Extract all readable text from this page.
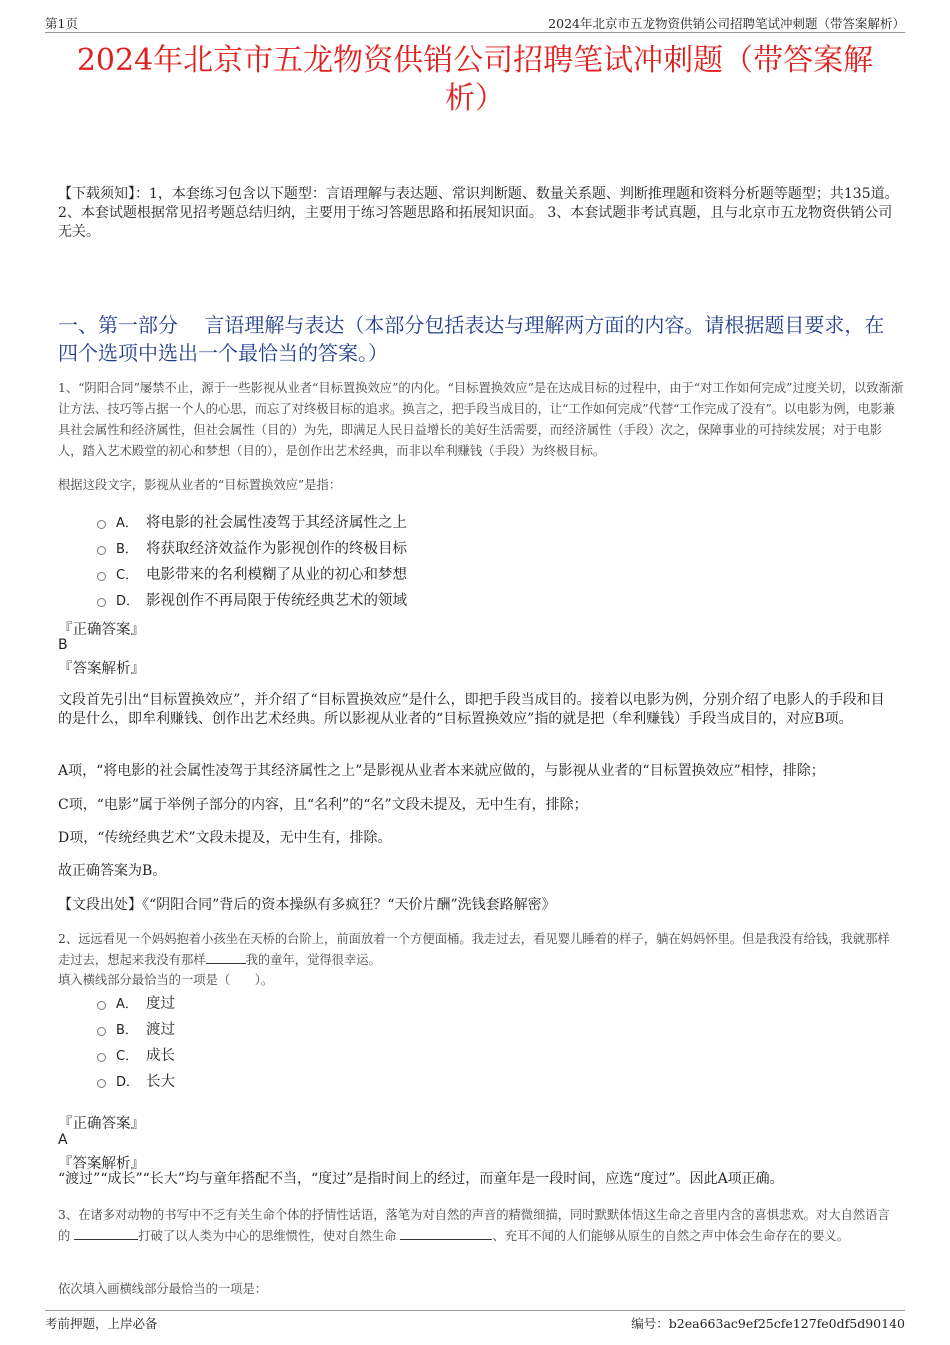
第1页	2024年北京市五龙物资供销公司招聘笔试冲刺题（带答案解析）
2024年北京市五龙物资供销公司招聘笔试冲刺题（带答案解析）
【下载须知】：1，本套练习包含以下题型：言语理解与表达题、常识判断题、数量关系题、判断推理题和资料分析题等题型；共135道。 2、本套试题根据常见招考题总结归纳，主要用于练习答题思路和拓展知识面。 3、本套试题非考试真题，且与北京市五龙物资供销公司无关。
一、第一部分　 言语理解与表达（本部分包括表达与理解两方面的内容。请根据题目要求，在四个选项中选出一个最恰当的答案。）
1、“阴阳合同”屡禁不止，源于一些影视从业者“目标置换效应”的内化。“目标置换效应”是在达成目标的过程中，由于“对工作如何完成”过度关切，以致渐渐让方法、技巧等占据一个人的心思，而忘了对终极目标的追求。换言之，把手段当成目的，让“工作如何完成”代替“工作完成了没有”。以电影为例，电影兼具社会属性和经济属性，但社会属性（目的）为先，即满足人民日益增长的美好生活需要，而经济属性（手段）次之，保障事业的可持续发展；对于电影人，踏入艺术殿堂的初心和梦想（目的），是创作出艺术经典，而非以牟利赚钱（手段）为终极目标。
根据这段文字，影视从业者的“目标置换效应”是指：
A． 将电影的社会属性凌驾于其经济属性之上
B． 将获取经济效益作为影视创作的终极目标
C． 电影带来的名利模糊了从业的初心和梦想
D． 影视创作不再局限于传统经典艺术的领域
『正确答案』
B
『答案解析』
文段首先引出“目标置换效应”，并介绍了“目标置换效应”是什么，即把手段当成目的。接着以电影为例，分别介绍了电影人的手段和目的是什么，即牟利赚钱、创作出艺术经典。所以影视从业者的“目标置换效应”指的就是把（牟利赚钱）手段当成目的，对应B项。
A项，“将电影的社会属性凌驾于其经济属性之上”是影视从业者本来就应做的，与影视从业者的“目标置换效应”相悖，排除；
C项，“电影”属于举例子部分的内容，且“名利”的“名”文段未提及，无中生有，排除；
D项，“传统经典艺术”文段未提及，无中生有，排除。
故正确答案为B。
【文段出处】《“阴阳合同”背后的资本操纵有多疯狂？“天价片酬”洗钱套路解密》
2、远远看见一个妈妈抱着小孩坐在天桥的台阶上，前面放着一个方便面桶。我走过去，看见婴儿睡着的样子，躺在妈妈怀里。但是我没有给钱，我就那样走过去，想起来我没有那样	我的童年，觉得很幸运。
填入横线部分最恰当的一项是（　　）。
A． 度过
B． 渡过
C． 成长
D． 长大
『正确答案』
A
『答案解析』
“渡过”“成长”“长大”均与童年搭配不当，“度过”是指时间上的经过，而童年是一段时间，应选“度过”。因此A项正确。
3、在诸多对动物的书写中不乏有关生命个体的抒情性话语，落笔为对自然的声音的精微细描，同时默默体悟这生命之音里内含的喜惧悲欢。对大自然语言的	打破了以人类为中心的思维惯性，使对自然生命	、充耳不闻的人们能够从原生的自然之声中体会生命存在的要义。
依次填入画横线部分最恰当的一项是：
考前押题，上岸必备	编号：b2ea663ac9ef25cfe127fe0df5d90140
